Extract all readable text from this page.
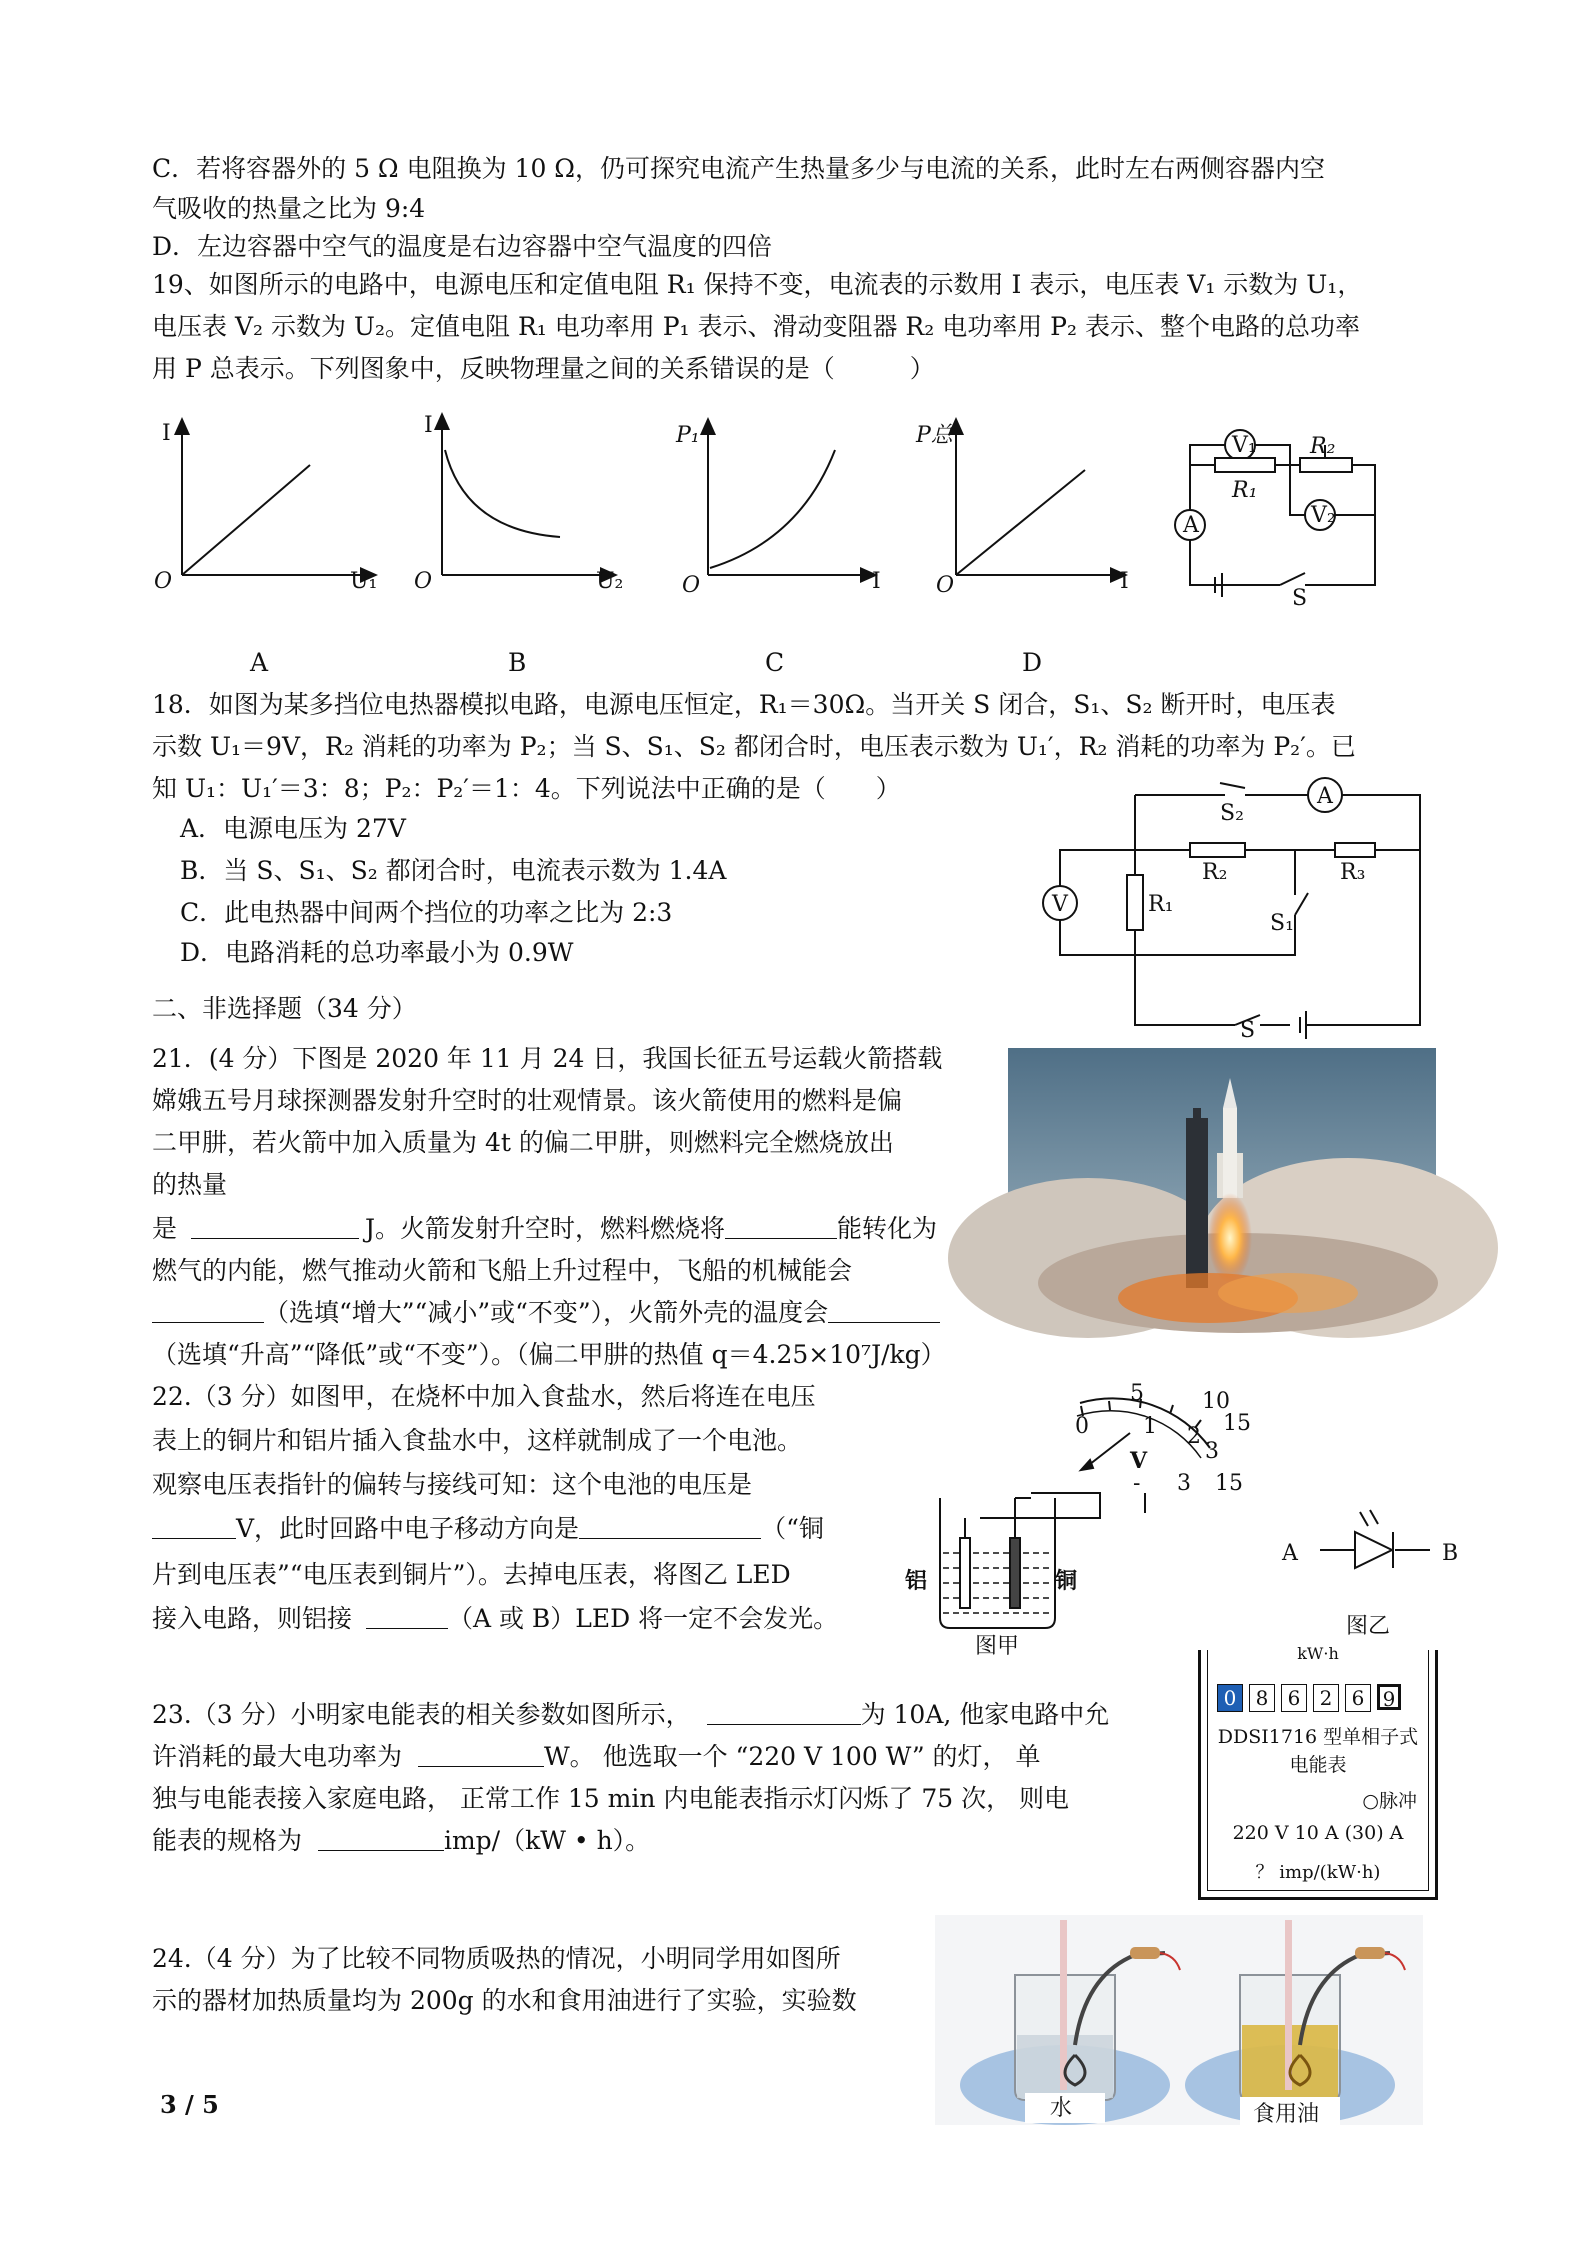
C．若将容器外的 5 Ω 电阻换为 10 Ω，仍可探究电流产生热量多少与电流的关系，此时左右两侧容器内空
气吸收的热量之比为 9:4
D．左边容器中空气的温度是右边容器中空气温度的四倍
19、如图所示的电路中，电源电压和定值电阻 R₁ 保持不变，电流表的示数用 I 表示，电压表 V₁ 示数为 U₁，
电压表 V₂ 示数为 U₂。定值电阻 R₁ 电功率用 P₁ 表示、滑动变阻器 R₂ 电功率用 P₂ 表示、整个电路的总功率
用 P 总表示。下列图象中，反映物理量之间的关系错误的是（　　　）
I
O	U₁
I
O	U₂
P₁
O	I
P总
O	I
V₁
R₁
R₂
V₂
A
S
A	B	C	D
18．如图为某多挡位电热器模拟电路，电源电压恒定，R₁＝30Ω。当开关 S 闭合，S₁、S₂ 断开时，电压表
示数 U₁＝9V，R₂ 消耗的功率为 P₂；当 S、S₁、S₂ 都闭合时，电压表示数为 U₁′，R₂ 消耗的功率为 P₂′。已
知 U₁：U₁′＝3：8；P₂：P₂′＝1：4。下列说法中正确的是（　　）
A．电源电压为 27V
B．当 S、S₁、S₂ 都闭合时，电流表示数为 1.4A
C．此电热器中间两个挡位的功率之比为 2:3
D．电路消耗的总功率最小为 0.9W
S₂
A
R₂	R₃
V	R₁
S₁
S
二、非选择题（34 分）
21．(4 分）下图是 2020 年 11 月 24 日，我国长征五号运载火箭搭载
嫦娥五号月球探测器发射升空时的壮观情景。该火箭使用的燃料是偏
二甲肼，若火箭中加入质量为 4t 的偏二甲肼，则燃料完全燃烧放出
的热量
是	J。火箭发射升空时，燃料燃烧将	能转化为
燃气的内能，燃气推动火箭和飞船上升过程中，飞船的机械能会
（选填“增大”“减小”或“不变”），火箭外壳的温度会
（选填“升高”“降低”或“不变”）。（偏二甲肼的热值 q＝4.25×10⁷J/kg）
22.（3 分）如图甲，在烧杯中加入食盐水，然后将连在电压
表上的铜片和铝片插入食盐水中，这样就制成了一个电池。
观察电压表指针的偏转与接线可知：这个电池的电压是
V，此时回路中电子移动方向是	（“铜
片到电压表”“电压表到铜片”）。去掉电压表，将图乙 LED
接入电路，则铝接	（A 或 B）LED 将一定不会发光。
铝	铜
图甲
V
5	10
0 1 2
3
15
- 3 15
A	B
图乙
23.（3 分）小明家电能表的相关参数如图所示，	为 10A, 他家电路中允
许消耗的最大电功率为	W。 他选取一个 “220 V 100 W” 的灯， 单
独与电能表接入家庭电路， 正常工作 15 min 内电能表指示灯闪烁了 75 次， 则电
能表的规格为	imp/（kW • h）。
kW·h
0 8 6 2 6 9
DDSI1716 型单相子式
电能表
○脉冲
220 V 10 A (30) A
？ imp/(kW·h)
24.（4 分）为了比较不同物质吸热的情况，小明同学用如图所
示的器材加热质量均为 200g 的水和食用油进行了实验，实验数
水	食用油
3 / 5
